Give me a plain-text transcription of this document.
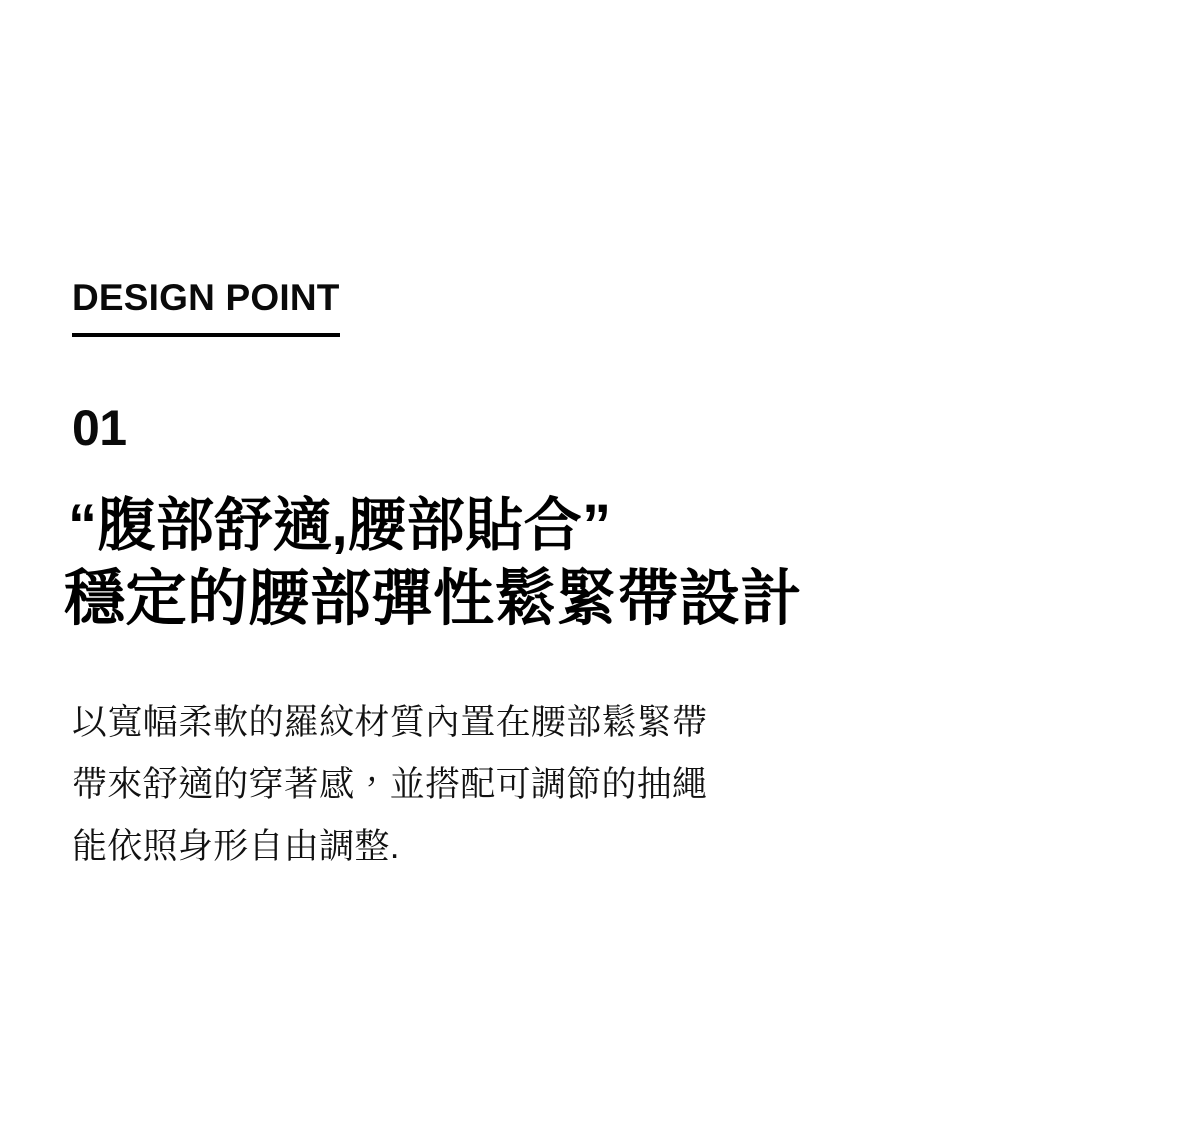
DESIGN POINT
01
“腹部舒適,腰部貼合”
穩定的腰部彈性鬆緊帶設計
以寬幅柔軟的羅紋材質內置在腰部鬆緊帶
帶來舒適的穿著感，並搭配可調節的抽繩
能依照身形自由調整.
